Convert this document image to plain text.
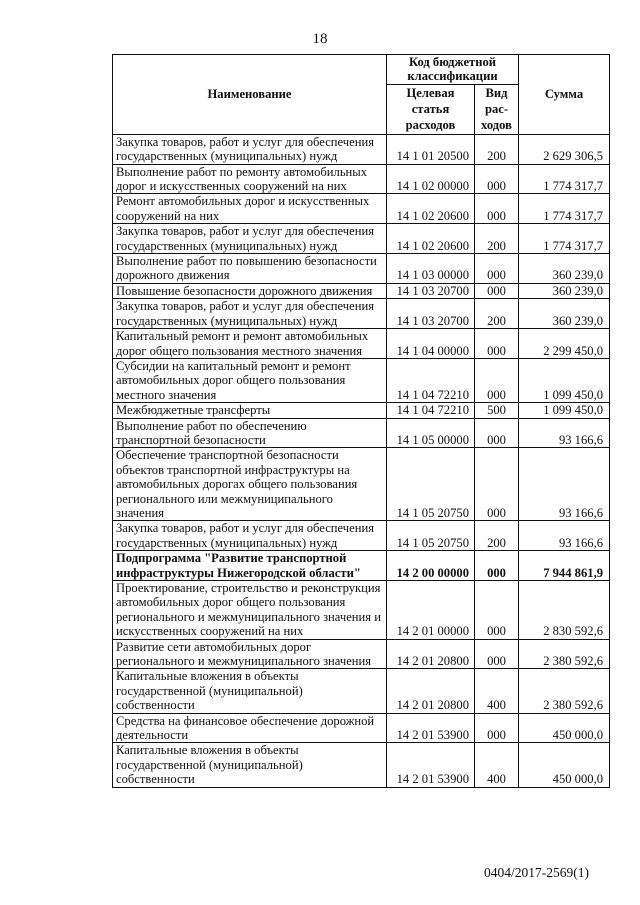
18
Наименование	Код бюджетной классификации		Сумма
	Целевая статья расходов	Вид рас-ходов	
Закупка товаров, работ и услуг для обеспечения государственных (муниципальных) нужд	14 1 01 20500	200	2 629 306,5
Выполнение работ по ремонту автомобильных дорог и искусственных сооружений на них	14 1 02 00000	000	1 774 317,7
Ремонт автомобильных дорог и искусственных сооружений на них	14 1 02 20600	000	1 774 317,7
Закупка товаров, работ и услуг для обеспечения государственных (муниципальных) нужд	14 1 02 20600	200	1 774 317,7
Выполнение работ по повышению безопасности дорожного движения	14 1 03 00000	000	360 239,0
Повышение безопасности дорожного движения	14 1 03 20700	000	360 239,0
Закупка товаров, работ и услуг для обеспечения государственных (муниципальных) нужд	14 1 03 20700	200	360 239,0
Капитальный ремонт и ремонт автомобильных дорог общего пользования местного значения	14 1 04 00000	000	2 299 450,0
Субсидии на капитальный ремонт и ремонт автомобильных дорог общего пользования местного значения	14 1 04 72210	000	1 099 450,0
Межбюджетные трансферты	14 1 04 72210	500	1 099 450,0
Выполнение работ по обеспечению транспортной безопасности	14 1 05 00000	000	93 166,6
Обеспечение транспортной безопасности объектов транспортной инфраструктуры на автомобильных дорогах общего пользования регионального или межмуниципального значения	14 1 05 20750	000	93 166,6
Закупка товаров, работ и услуг для обеспечения государственных (муниципальных) нужд	14 1 05 20750	200	93 166,6
Подпрограмма "Развитие транспортной инфраструктуры Нижегородской области"	14 2 00 00000	000	7 944 861,9
Проектирование, строительство и реконструкция автомобильных дорог общего пользования регионального и межмуниципального значения и искусственных сооружений на них	14 2 01 00000	000	2 830 592,6
Развитие сети автомобильных дорог регионального и межмуниципального значения	14 2 01 20800	000	2 380 592,6
Капитальные вложения в объекты государственной (муниципальной) собственности	14 2 01 20800	400	2 380 592,6
Средства на финансовое обеспечение дорожной деятельности	14 2 01 53900	000	450 000,0
Капитальные вложения в объекты государственной (муниципальной) собственности	14 2 01 53900	400	450 000,0
0404/2017-2569(1)
